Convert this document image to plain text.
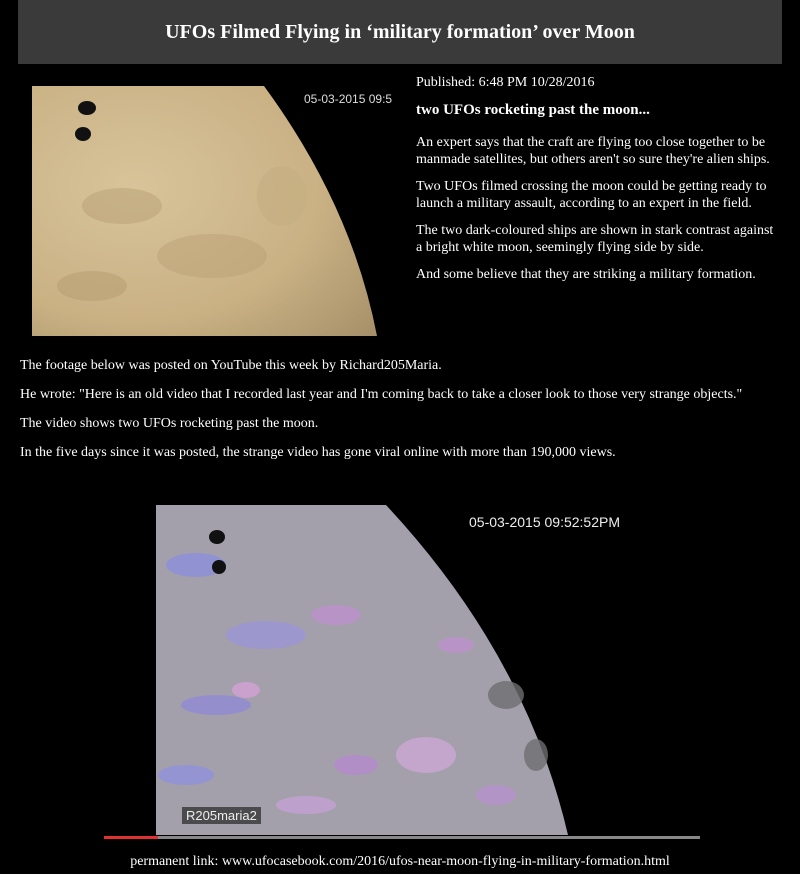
UFOs Filmed Flying in ‘military formation’ over Moon
05-03-2015 09:5

Published: 6:48 PM 10/28/2016

two UFOs rocketing past the moon...

An expert says that the craft are flying too close together to be manmade satellites, but others aren't so sure they're alien ships.

Two UFOs filmed crossing the moon could be getting ready to launch a military assault, according to an expert in the field.

The two dark-coloured ships are shown in stark contrast against a bright white moon, seemingly flying side by side.

And some believe that they are striking a military formation.

The footage below was posted on YouTube this week by Richard205Maria.

He wrote: "Here is an old video that I recorded last year and I'm coming back to take a closer look to those very strange objects."

The video shows two UFOs rocketing past the moon.

In the five days since it was posted, the strange video has gone viral online with more than 190,000 views.

05-03-2015 09:52:52PM
R205maria2
permanent link: www.ufocasebook.com/2016/ufos-near-moon-flying-in-military-formation.html
